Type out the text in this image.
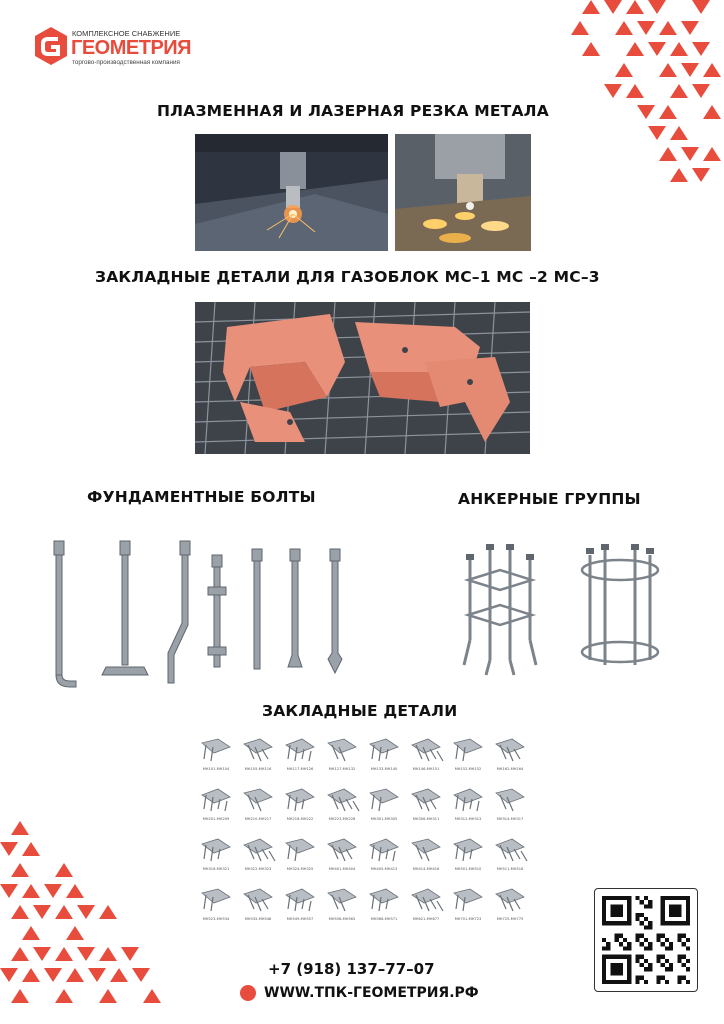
КОМПЛЕКСНОЕ СНАБЖЕНИЕ
ГЕОМЕТРИЯ
торгово-производственная компания
ПЛАЗМЕННАЯ И ЛАЗЕРНАЯ РЕЗКА МЕТАЛА
ЗАКЛАДНЫЕ ДЕТАЛИ ДЛЯ ГАЗОБЛОК МС–1 МС –2 МС–3
ФУНДАМЕНТНЫЕ БОЛТЫ	АНКЕРНЫЕ ГРУППЫ
ЗАКЛАДНЫЕ ДЕТАЛИ
МН101-МН104	МН105-МН116	МН117-МН126	МН127-МН132	МН133-МН140	МН146-МН151	МН152-МН152	МН162-МН164
МН201-МН209	МН210-МН217	МН218-МН222	МН223-МН228	МН301-МН305	МН306-МН311	МН312-МН313	МН314-МН317
МН318-МН321	МН322-МН323	МН324-МН325	МН401-МН404	МН405-МН413	МН414-МН416	МН501-МН510	МН511-МН518
МН523-МН534	МН535-МН548	МН549-МН557	МН558-МН563	МН566-МН571	МН621-МН677	МН701-МН723	МН725-МН775
+7 (918) 137–77–07
WWW.ТПК-ГЕОМЕТРИЯ.РФ
